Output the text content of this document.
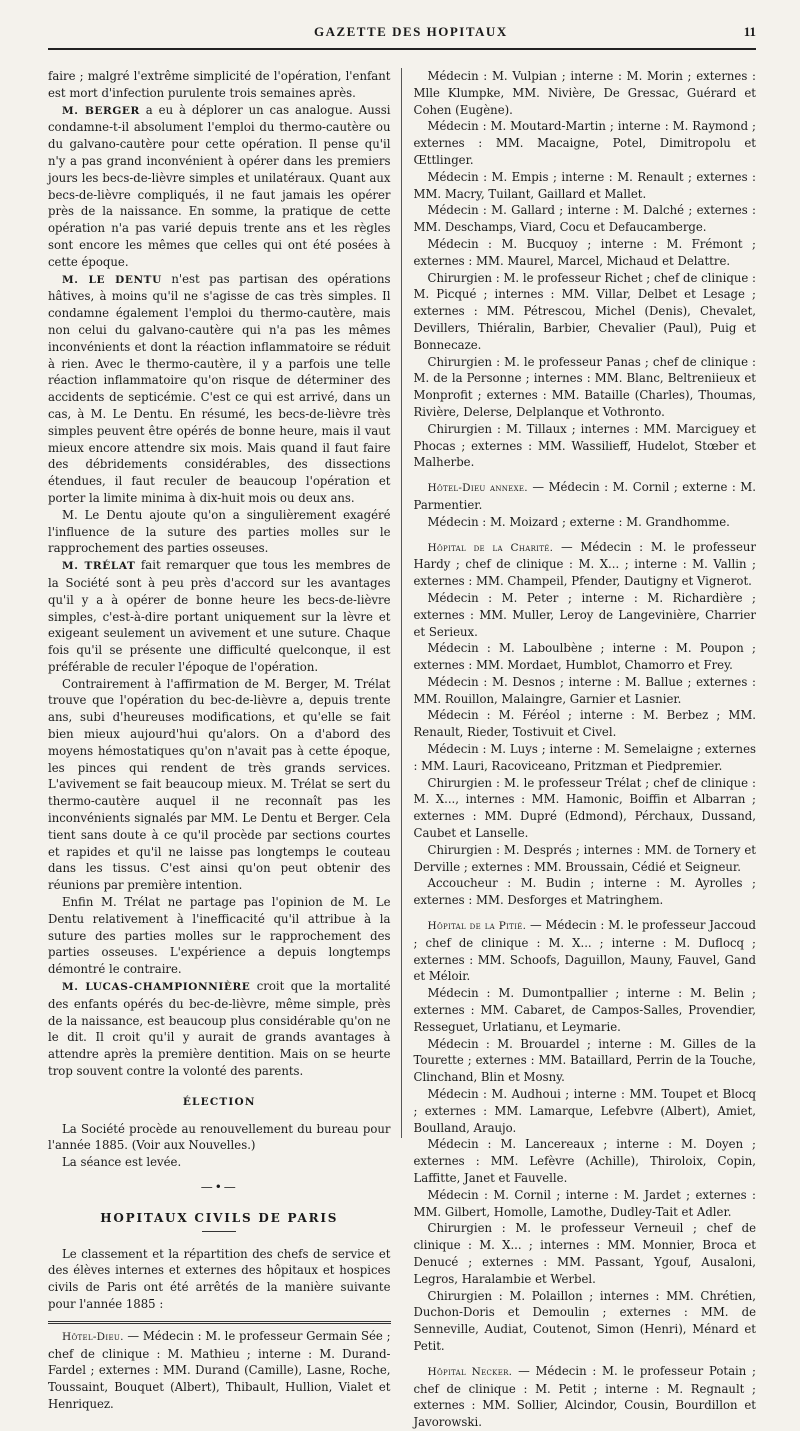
GAZETTE DES HOPITAUX	11

faire ; malgré l'extrême simplicité de l'opération, l'enfant est mort d'infection purulente trois semaines après.

M. BERGER a eu à déplorer un cas analogue. Aussi condamne-t-il absolument l'emploi du thermo-cautère ou du galvano-cautère pour cette opération. Il pense qu'il n'y a pas grand inconvénient à opérer dans les premiers jours les becs-de-lièvre simples et unilatéraux. Quant aux becs-de-lièvre compliqués, il ne faut jamais les opérer près de la naissance. En somme, la pratique de cette opération n'a pas varié depuis trente ans et les règles sont encore les mêmes que celles qui ont été posées à cette époque.

M. LE DENTU n'est pas partisan des opérations hâtives, à moins qu'il ne s'agisse de cas très simples. Il condamne également l'emploi du thermo-cautère, mais non celui du galvano-cautère qui n'a pas les mêmes inconvénients et dont la réaction inflammatoire se réduit à rien. Avec le thermo-cautère, il y a parfois une telle réaction inflammatoire qu'on risque de déterminer des accidents de septicémie. C'est ce qui est arrivé, dans un cas, à M. Le Dentu. En résumé, les becs-de-lièvre très simples peuvent être opérés de bonne heure, mais il vaut mieux encore attendre six mois. Mais quand il faut faire des débridements considérables, des dissections étendues, il faut reculer de beaucoup l'opération et porter la limite minima à dix-huit mois ou deux ans.

M. Le Dentu ajoute qu'on a singulièrement exagéré l'influence de la suture des parties molles sur le rapprochement des parties osseuses.

M. TRÉLAT fait remarquer que tous les membres de la Société sont à peu près d'accord sur les avantages qu'il y a à opérer de bonne heure les becs-de-lièvre simples, c'est-à-dire portant uniquement sur la lèvre et exigeant seulement un avivement et une suture. Chaque fois qu'il se présente une difficulté quelconque, il est préférable de reculer l'époque de l'opération.

Contrairement à l'affirmation de M. Berger, M. Trélat trouve que l'opération du bec-de-lièvre a, depuis trente ans, subi d'heureuses modifications, et qu'elle se fait bien mieux aujourd'hui qu'alors. On a d'abord des moyens hémostatiques qu'on n'avait pas à cette époque, les pinces qui rendent de très grands services. L'avivement se fait beaucoup mieux. M. Trélat se sert du thermo-cautère auquel il ne reconnaît pas les inconvénients signalés par MM. Le Dentu et Berger. Cela tient sans doute à ce qu'il procède par sections courtes et rapides et qu'il ne laisse pas longtemps le couteau dans les tissus. C'est ainsi qu'on peut obtenir des réunions par première intention.

Enfin M. Trélat ne partage pas l'opinion de M. Le Dentu relativement à l'inefficacité qu'il attribue à la suture des parties molles sur le rapprochement des parties osseuses. L'expérience a depuis longtemps démontré le contraire.

M. LUCAS-CHAMPIONNIÈRE croit que la mortalité des enfants opérés du bec-de-lièvre, même simple, près de la naissance, est beaucoup plus considérable qu'on ne le dit. Il croit qu'il y aurait de grands avantages à attendre après la première dentition. Mais on se heurte trop souvent contre la volonté des parents.

ÉLECTION

La Société procède au renouvellement du bureau pour l'année 1885. (Voir aux Nouvelles.)

La séance est levée.

—•—
HOPITAUX CIVILS DE PARIS

Le classement et la répartition des chefs de service et des élèves internes et externes des hôpitaux et hospices civils de Paris ont été arrêtés de la manière suivante pour l'année 1885 :

Hôtel-Dieu. — Médecin : M. le professeur Germain Sée ; chef de clinique : M. Mathieu ; interne : M. Durand-Fardel ; externes : MM. Durand (Camille), Lasne, Roche, Toussaint, Bouquet (Albert), Thibault, Hullion, Vialet et Henriquez.

Médecin : M. Vulpian ; interne : M. Morin ; externes : Mlle Klumpke, MM. Nivière, De Gressac, Guérard et Cohen (Eugène).

Médecin : M. Moutard-Martin ; interne : M. Raymond ; externes : MM. Macaigne, Potel, Dimitropolu et Œttlinger.

Médecin : M. Empis ; interne : M. Renault ; externes : MM. Macry, Tuilant, Gaillard et Mallet.

Médecin : M. Gallard ; interne : M. Dalché ; externes : MM. Deschamps, Viard, Cocu et Defaucamberge.

Médecin : M. Bucquoy ; interne : M. Frémont ; externes : MM. Maurel, Marcel, Michaud et Delattre.

Chirurgien : M. le professeur Richet ; chef de clinique : M. Picqué ; internes : MM. Villar, Delbet et Lesage ; externes : MM. Pétrescou, Michel (Denis), Chevalet, Devillers, Thiéralin, Barbier, Chevalier (Paul), Puig et Bonnecaze.

Chirurgien : M. le professeur Panas ; chef de clinique : M. de la Personne ; internes : MM. Blanc, Beltreniieux et Monprofit ; externes : MM. Bataille (Charles), Thoumas, Rivière, Delerse, Delplanque et Vothronto.

Chirurgien : M. Tillaux ; internes : MM. Marciguey et Phocas ; externes : MM. Wassilieff, Hudelot, Stœber et Malherbe.

Hôtel-Dieu annexe. — Médecin : M. Cornil ; externe : M. Parmentier.

Médecin : M. Moizard ; externe : M. Grandhomme.

Hôpital de la Charité. — Médecin : M. le professeur Hardy ; chef de clinique : M. X... ; interne : M. Vallin ; externes : MM. Champeil, Pfender, Dautigny et Vignerot.

Médecin : M. Peter ; interne : M. Richardière ; externes : MM. Muller, Leroy de Langevinière, Charrier et Serieux.

Médecin : M. Laboulbène ; interne : M. Poupon ; externes : MM. Mordaet, Humblot, Chamorro et Frey.

Médecin : M. Desnos ; interne : M. Ballue ; externes : MM. Rouillon, Malaingre, Garnier et Lasnier.

Médecin : M. Féréol ; interne : M. Berbez ; MM. Renault, Rieder, Tostivuit et Civel.

Médecin : M. Luys ; interne : M. Semelaigne ; externes : MM. Lauri, Racoviceano, Pritzman et Piedpremier.

Chirurgien : M. le professeur Trélat ; chef de clinique : M. X..., internes : MM. Hamonic, Boiffin et Albarran ; externes : MM. Dupré (Edmond), Pérchaux, Dussand, Caubet et Lanselle.

Chirurgien : M. Després ; internes : MM. de Tornery et Derville ; externes : MM. Broussain, Cédié et Seigneur.

Accoucheur : M. Budin ; interne : M. Ayrolles ; externes : MM. Desforges et Matringhem.

Hôpital de la Pitié. — Médecin : M. le professeur Jaccoud ; chef de clinique : M. X... ; interne : M. Duflocq ; externes : MM. Schoofs, Daguillon, Mauny, Fauvel, Gand et Méloir.

Médecin : M. Dumontpallier ; interne : M. Belin ; externes : MM. Cabaret, de Campos-Salles, Provendier, Resseguet, Urlatianu, et Leymarie.

Médecin : M. Brouardel ; interne : M. Gilles de la Tourette ; externes : MM. Bataillard, Perrin de la Touche, Clinchand, Blin et Mosny.

Médecin : M. Audhoui ; interne : MM. Toupet et Blocq ; externes : MM. Lamarque, Lefebvre (Albert), Amiet, Boulland, Araujo.

Médecin : M. Lancereaux ; interne : M. Doyen ; externes : MM. Lefèvre (Achille), Thiroloix, Copin, Laffitte, Janet et Fauvelle.

Médecin : M. Cornil ; interne : M. Jardet ; externes : MM. Gilbert, Homolle, Lamothe, Dudley-Tait et Adler.

Chirurgien : M. le professeur Verneuil ; chef de clinique : M. X... ; internes : MM. Monnier, Broca et Denucé ; externes : MM. Passant, Ygouf, Ausaloni, Legros, Haralambie et Werbel.

Chirurgien : M. Polaillon ; internes : MM. Chrétien, Duchon-Doris et Demoulin ; externes : MM. de Senneville, Audiat, Coutenot, Simon (Henri), Ménard et Petit.

Hôpital Necker. — Médecin : M. le professeur Potain ; chef de clinique : M. Petit ; interne : M. Regnault ; externes : MM. Sollier, Alcindor, Cousin, Bourdillon et Javorowski.
